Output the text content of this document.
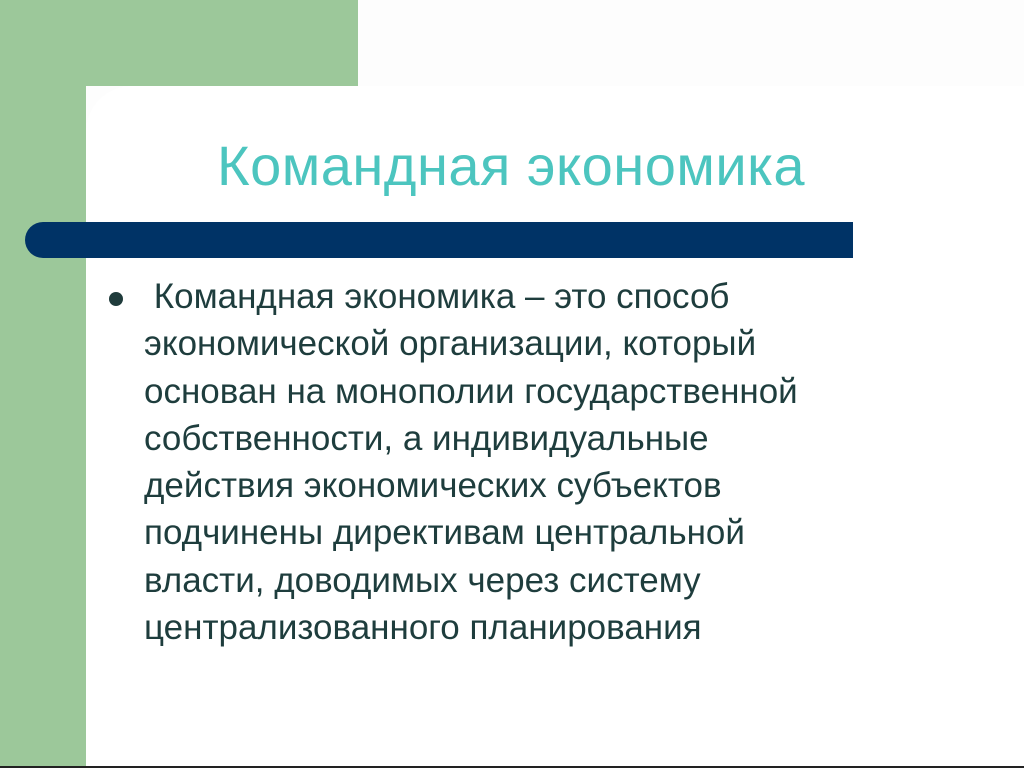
Командная экономика
Командная экономика – это способ
экономической организации, который
основан на монополии государственной
собственности, а индивидуальные
действия экономических субъектов
подчинены директивам центральной
власти, доводимых через систему
централизованного планирования
